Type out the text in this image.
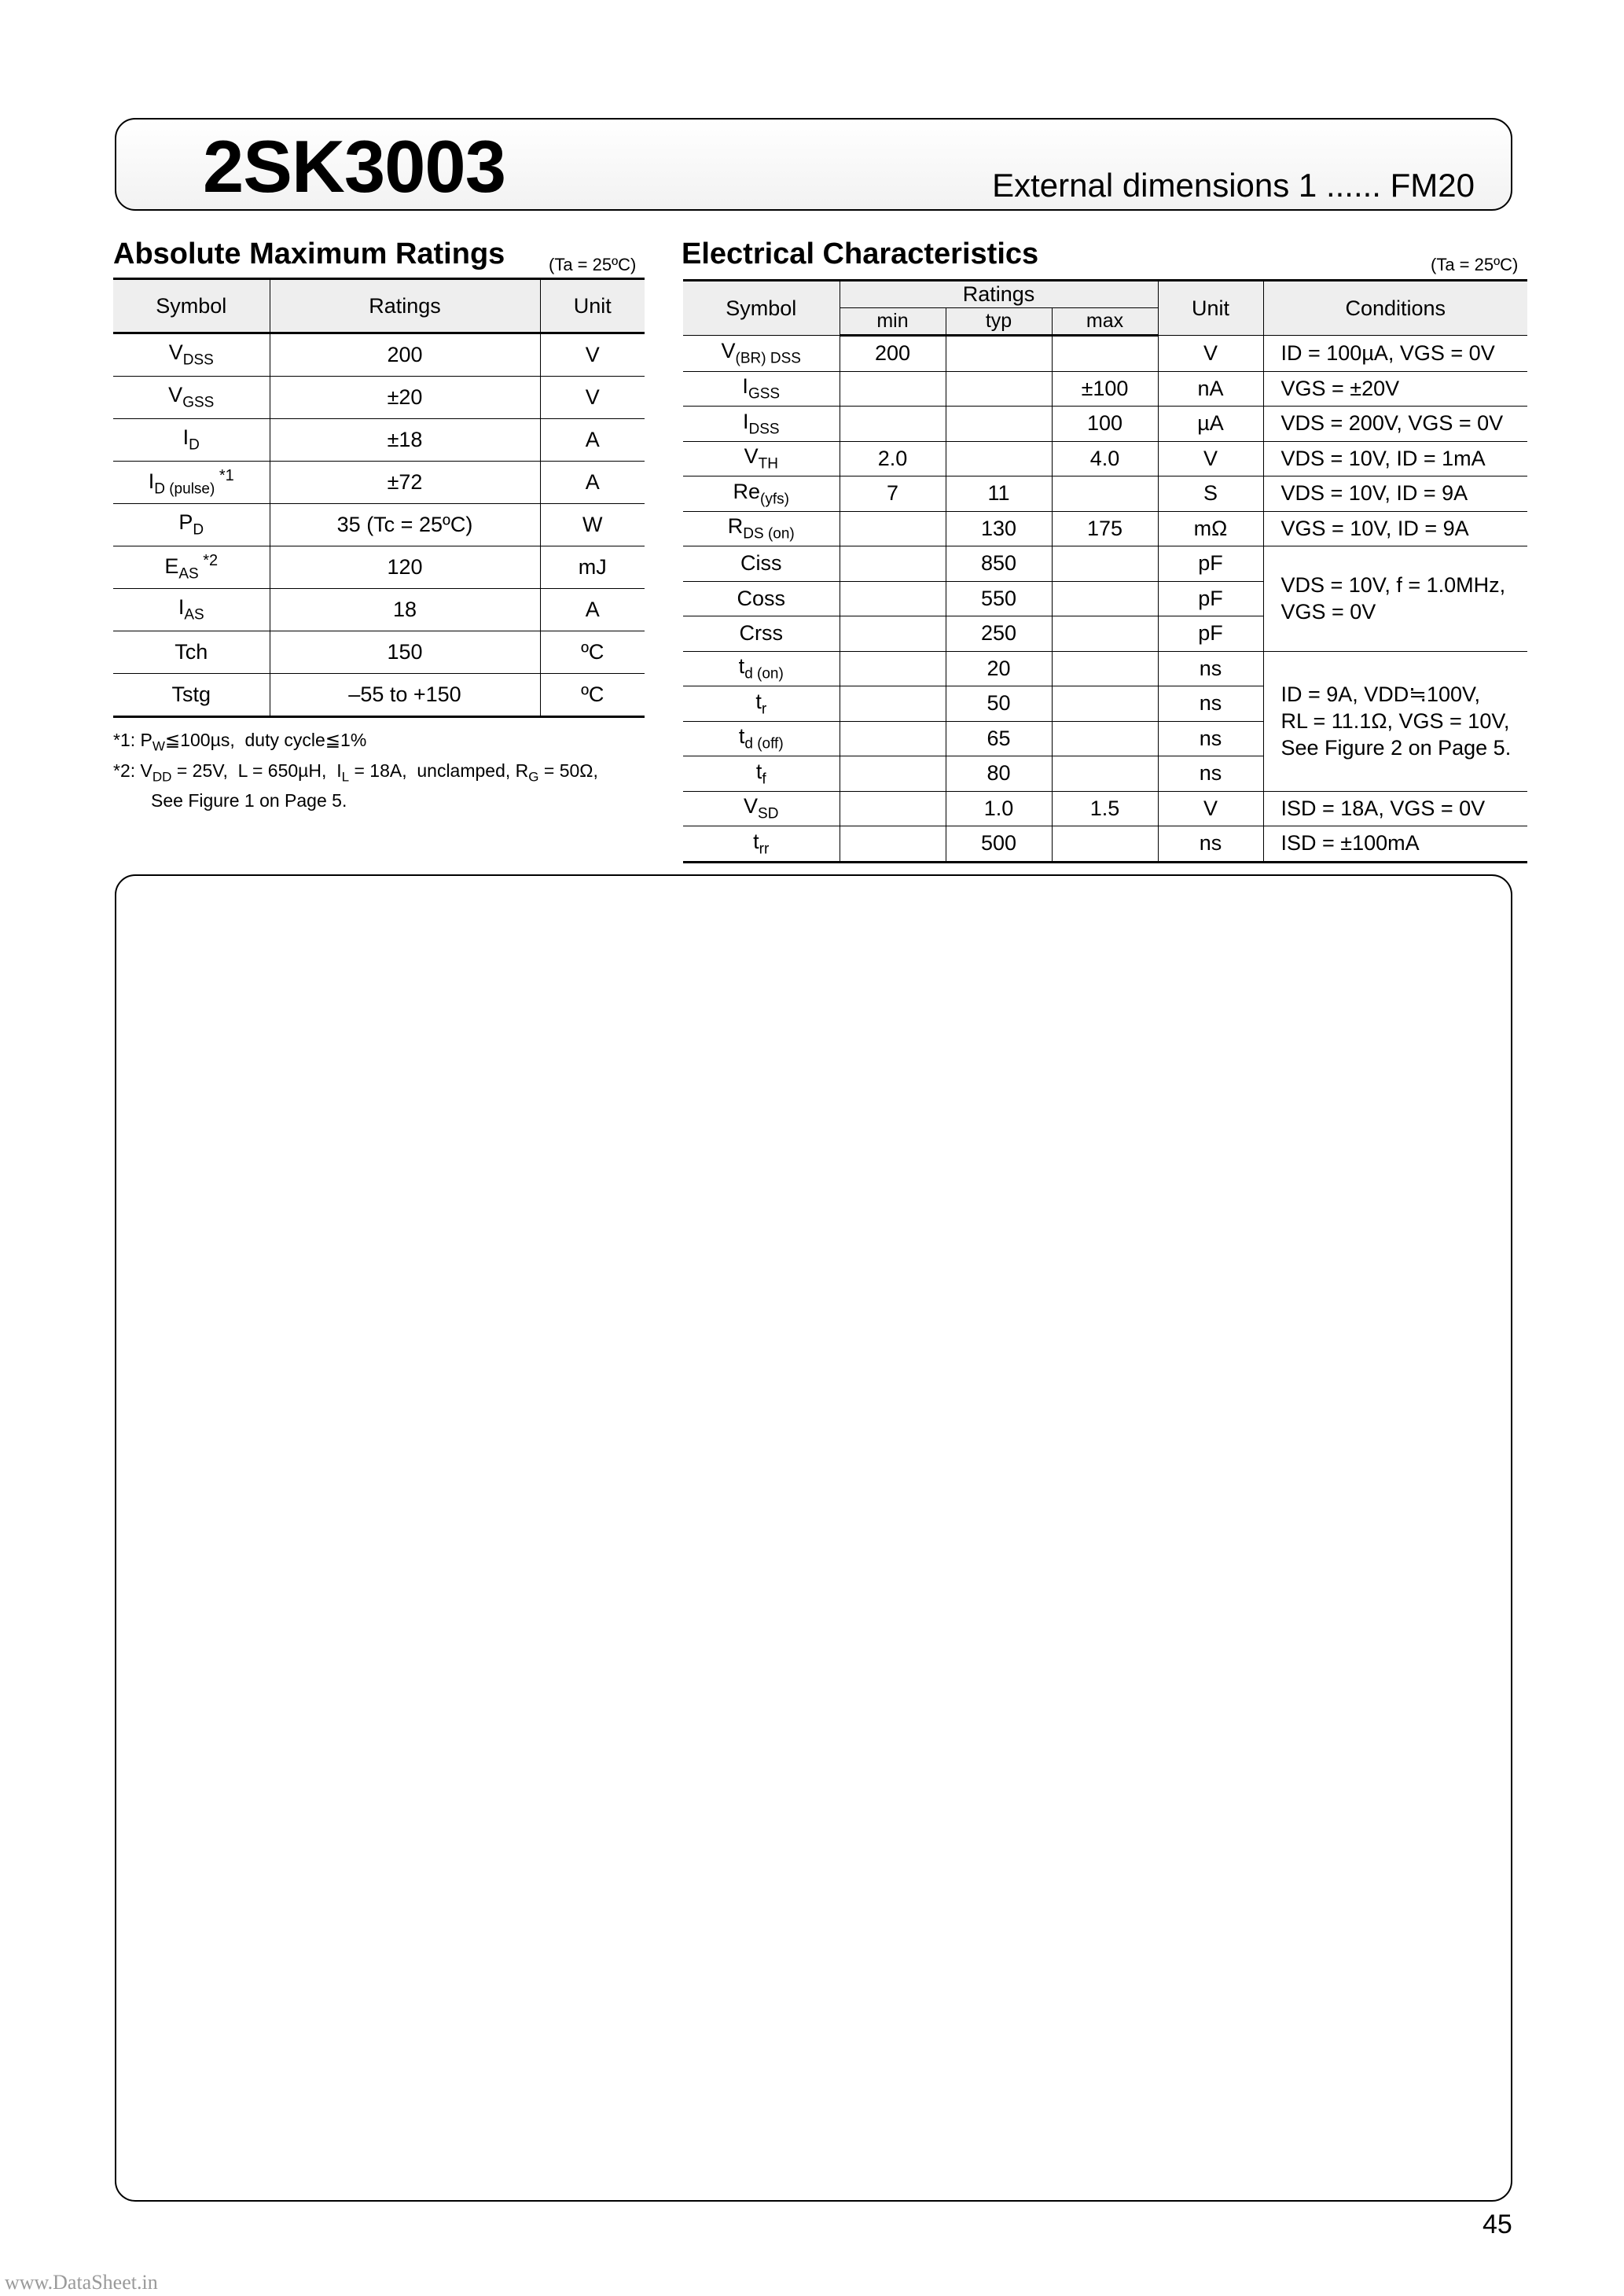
2SK3003	External dimensions 1 ...... FM20
Absolute Maximum Ratings	(Ta = 25ºC)
Symbol	Ratings	Unit
$V_{DSS}$	200	V
$V_{GSS}$	±20	V
$I_D$	±18	A
$I_{D (pulse)}$ $^{*1}$	±72	A
$P_D$	35 (Tc = 25ºC)	W
$E_{AS}$ $^{*2}$	120	mJ
$I_{AS}$	18	A
Tch	150	ºC
Tstg	–55 to +150	ºC
*1: $P_W≦100\mu s$,  duty cycle≦1%
*2: $V_{DD} = 25V$,  L = 650µH,  $I_L = 18A$,  unclamped, $R_G = 50\Omega$,
See Figure 1 on Page 5.
Electrical Characteristics	(Ta = 25ºC)
Symbol	Ratings			Unit	Conditions
	min	typ	max		
$V_{(BR) DSS}$	200			V	ID = 100µA, VGS = 0V
$I_{GSS}$			±100	nA	VGS = ±20V
$I_{DSS}$			100	µA	VDS = 200V, VGS = 0V
$V_{TH}$	2.0		4.0	V	VDS = 10V, ID = 1mA
$Re_{(yfs)}$	7	11		S	VDS = 10V, ID = 9A
$R_{DS (on)}$		130	175	mΩ	VGS = 10V, ID = 9A
Ciss		850		pF	VDS = 10V, f = 1.0MHz,
VGS = 0V

Coss		550		pF	
Crss		250		pF	
$t_{d (on)}$		20		ns	ID = 9A, VDD≒100V,
RL = 11.1Ω, VGS = 10V,
See Figure 2 on Page 5.

$t_r$		50		ns	
$t_{d (off)}$		65		ns	
$t_f$		80		ns	
$V_{SD}$		1.0	1.5	V	ISD = 18A, VGS = 0V
$t_{rr}$		500		ns	ISD = ±100mA
45
www.DataSheet.in
